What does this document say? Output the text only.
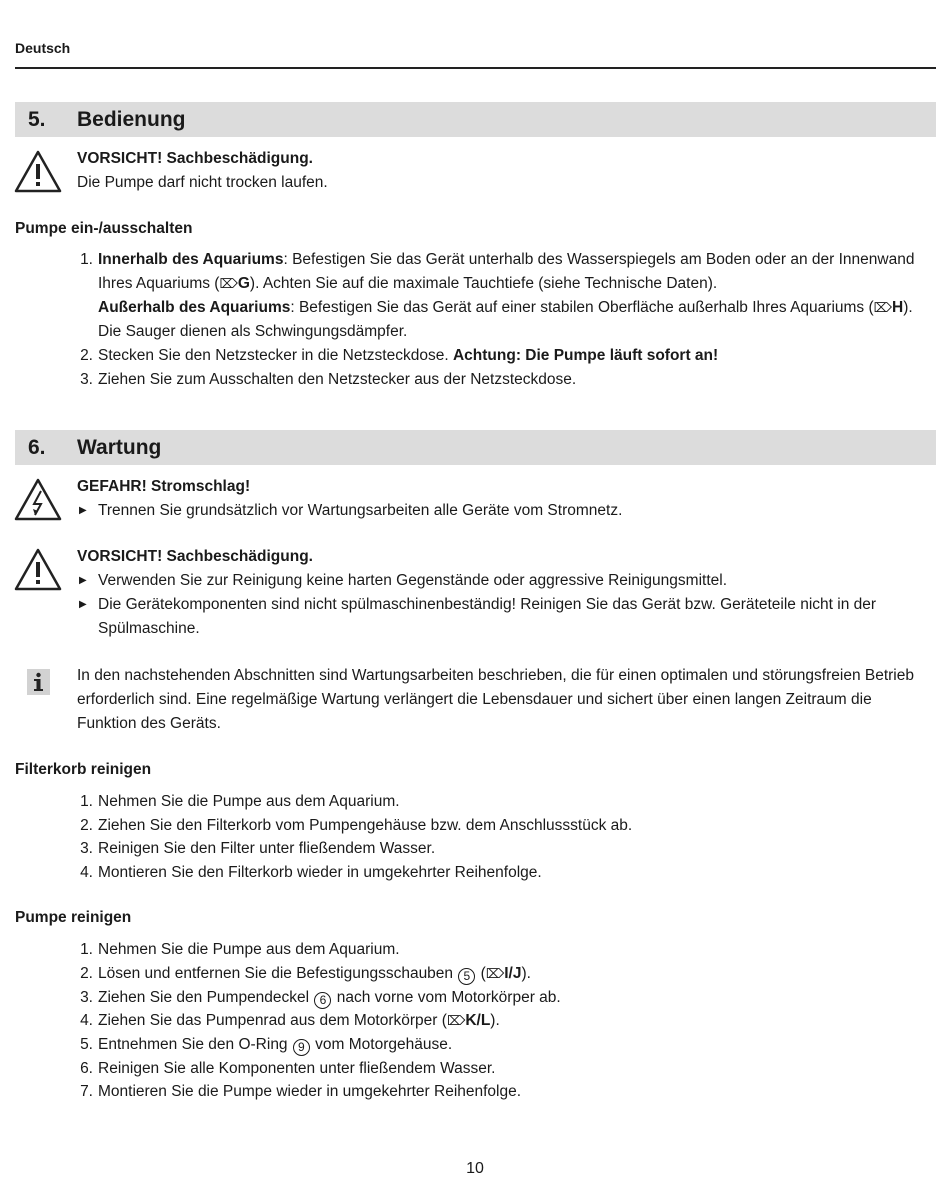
Deutsch
5. Bedienung
VORSICHT! Sachbeschädigung.
Die Pumpe darf nicht trocken laufen.
Pumpe ein-/ausschalten
1. Innerhalb des Aquariums: Befestigen Sie das Gerät unterhalb des Wasserspiegels am Boden oder an der Innenwand
Ihres Aquariums (⌦G). Achten Sie auf die maximale Tauchtiefe (siehe Technische Daten).
Außerhalb des Aquariums: Befestigen Sie das Gerät auf einer stabilen Oberfläche außerhalb Ihres Aquariums (⌦H).
Die Sauger dienen als Schwingungsdämpfer.
2. Stecken Sie den Netzstecker in die Netzsteckdose. Achtung: Die Pumpe läuft sofort an!
3. Ziehen Sie zum Ausschalten den Netzstecker aus der Netzsteckdose.
6. Wartung
GEFAHR! Stromschlag!
▶ Trennen Sie grundsätzlich vor Wartungsarbeiten alle Geräte vom Stromnetz.
VORSICHT! Sachbeschädigung.
▶ Verwenden Sie zur Reinigung keine harten Gegenstände oder aggressive Reinigungsmittel.
▶ Die Gerätekomponenten sind nicht spülmaschinenbeständig! Reinigen Sie das Gerät bzw. Geräteteile nicht in der
Spülmaschine.
In den nachstehenden Abschnitten sind Wartungsarbeiten beschrieben, die für einen optimalen und störungsfreien Betrieb
erforderlich sind. Eine regelmäßige Wartung verlängert die Lebensdauer und sichert über einen langen Zeitraum die
Funktion des Geräts.
Filterkorb reinigen
1. Nehmen Sie die Pumpe aus dem Aquarium.
2. Ziehen Sie den Filterkorb vom Pumpengehäuse bzw. dem Anschlussstück ab.
3. Reinigen Sie den Filter unter fließendem Wasser.
4. Montieren Sie den Filterkorb wieder in umgekehrter Reihenfolge.
Pumpe reinigen
1. Nehmen Sie die Pumpe aus dem Aquarium.
2. Lösen und entfernen Sie die Befestigungsschauben 5 (⌦I/J).
3. Ziehen Sie den Pumpendeckel 6 nach vorne vom Motorkörper ab.
4. Ziehen Sie das Pumpenrad aus dem Motorkörper (⌦K/L).
5. Entnehmen Sie den O-Ring 9 vom Motorgehäuse.
6. Reinigen Sie alle Komponenten unter fließendem Wasser.
7. Montieren Sie die Pumpe wieder in umgekehrter Reihenfolge.
10
